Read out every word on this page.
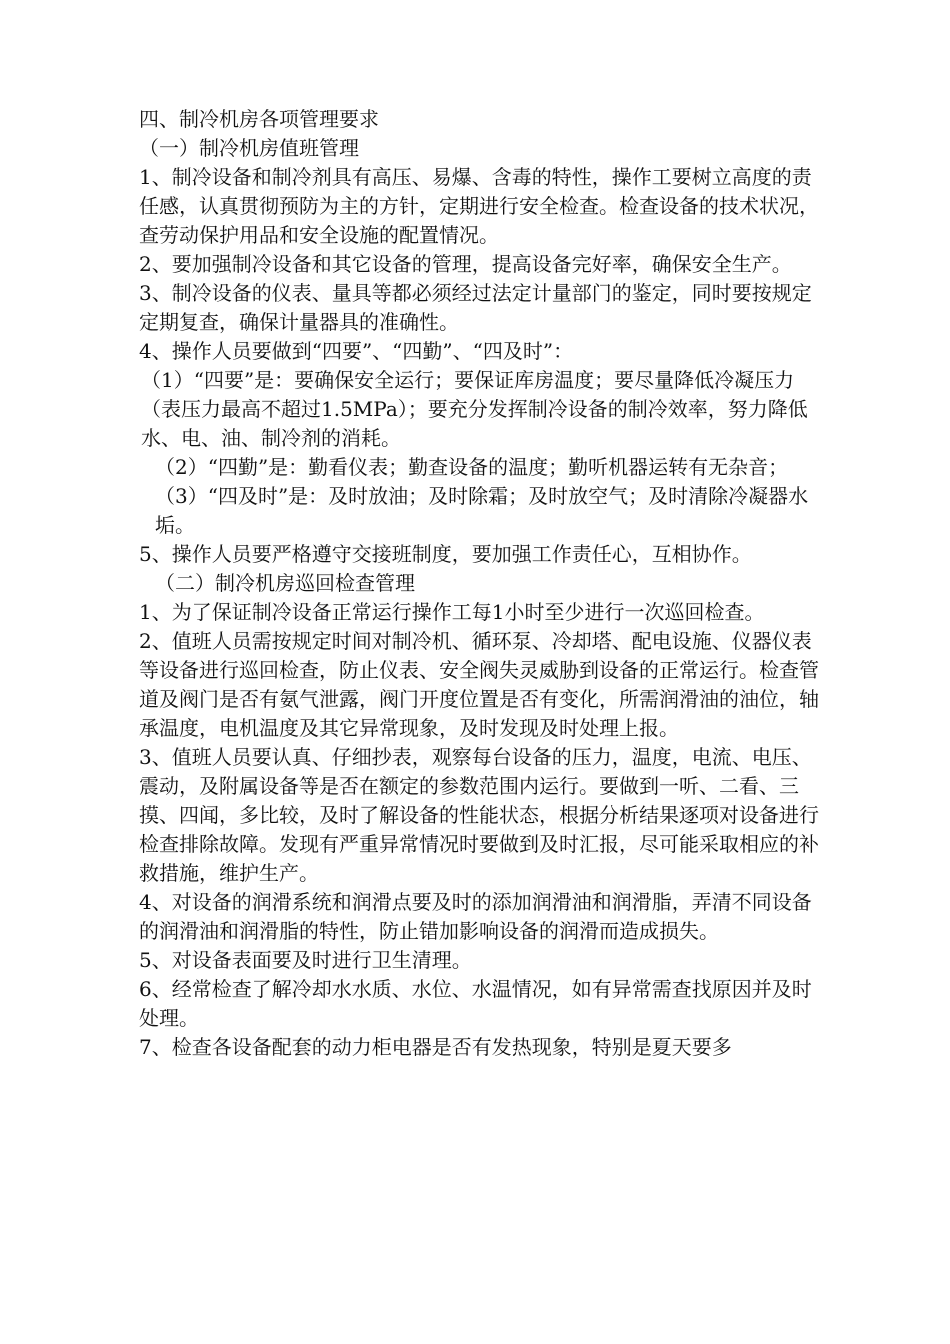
四、制冷机房各项管理要求

（一）制冷机房值班管理

1、制冷设备和制冷剂具有高压、易爆、含毒的特性，操作工要树立高度的责任感，认真贯彻预防为主的方针，定期进行安全检查。检查设备的技术状况，查劳动保护用品和安全设施的配置情况。

2、要加强制冷设备和其它设备的管理，提高设备完好率，确保安全生产。

3、制冷设备的仪表、量具等都必须经过法定计量部门的鉴定，同时要按规定定期复查，确保计量器具的准确性。

4、操作人员要做到“四要”、“四勤”、“四及时”：

（1）“四要”是：要确保安全运行；要保证库房温度；要尽量降低冷凝压力（表压力最高不超过1.5MPa）；要充分发挥制冷设备的制冷效率，努力降低水、电、油、制冷剂的消耗。

（2）“四勤”是：勤看仪表；勤查设备的温度；勤听机器运转有无杂音；

（3）“四及时”是：及时放油；及时除霜；及时放空气；及时清除冷凝器水垢。

5、操作人员要严格遵守交接班制度，要加强工作责任心，互相协作。

（二）制冷机房巡回检查管理

1、为了保证制冷设备正常运行操作工每1小时至少进行一次巡回检查。

2、值班人员需按规定时间对制冷机、循环泵、冷却塔、配电设施、仪器仪表等设备进行巡回检查，防止仪表、安全阀失灵威胁到设备的正常运行。检查管道及阀门是否有氨气泄露，阀门开度位置是否有变化，所需润滑油的油位，轴承温度，电机温度及其它异常现象，及时发现及时处理上报。

3、值班人员要认真、仔细抄表，观察每台设备的压力，温度，电流、电压、震动，及附属设备等是否在额定的参数范围内运行。要做到一听、二看、三摸、四闻，多比较，及时了解设备的性能状态，根据分析结果逐项对设备进行检查排除故障。发现有严重异常情况时要做到及时汇报，尽可能采取相应的补救措施，维护生产。

4、对设备的润滑系统和润滑点要及时的添加润滑油和润滑脂，弄清不同设备的润滑油和润滑脂的特性，防止错加影响设备的润滑而造成损失。

5、对设备表面要及时进行卫生清理。

6、经常检查了解冷却水水质、水位、水温情况，如有异常需查找原因并及时处理。

7、检查各设备配套的动力柜电器是否有发热现象，特别是夏天要多
